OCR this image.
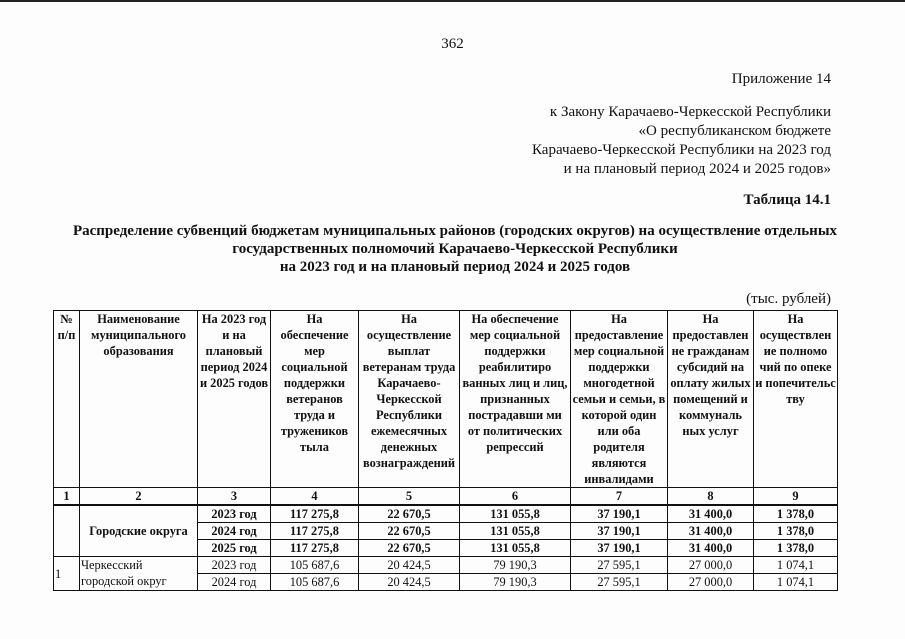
362
Приложение 14
к Закону Карачаево-Черкесской Республики
«О республиканском бюджете
Карачаево-Черкесской Республики на 2023 год
и на плановый период 2024 и 2025 годов»
Таблица 14.1
Распределение субвенций бюджетам муниципальных районов (городских округов) на осуществление отдельных
государственных полномочий Карачаево-Черкесской Республики
на 2023 год и на плановый период 2024 и 2025 годов
(тыс. рублей)
№ п/п	Наименование муниципального образования	На 2023 год и на плановый период 2024 и 2025 годов	На обеспечение мер социальной поддержки ветеранов труда и тружеников тыла	На осуществление выплат ветеранам труда Карачаево-Черкесской Республики ежемесячных денежных вознаграждений	На обеспечение мер социальной поддержки реабилитиро ванных лиц и лиц, признанных пострадавши ми от политических репрессий	На предоставление мер социальной поддержки многодетной семьи и семьи, в которой один или оба родителя являются инвалидами	На предоставлен не гражданам субсидий на оплату жилых помещений и коммуналь ных услуг	На осуществлен ие полномо чий по опеке и попечительс тву
1	2	3	4	5	6	7	8	9
	Городские округа	2023 год	117 275,8	22 670,5	131 055,8	37 190,1	31 400,0	1 378,0
		2024 год	117 275,8	22 670,5	131 055,8	37 190,1	31 400,0	1 378,0
		2025 год	117 275,8	22 670,5	131 055,8	37 190,1	31 400,0	1 378,0
1	Черкесский городской округ	2023 год	105 687,6	20 424,5	79 190,3	27 595,1	27 000,0	1 074,1
		2024 год	105 687,6	20 424,5	79 190,3	27 595,1	27 000,0	1 074,1
